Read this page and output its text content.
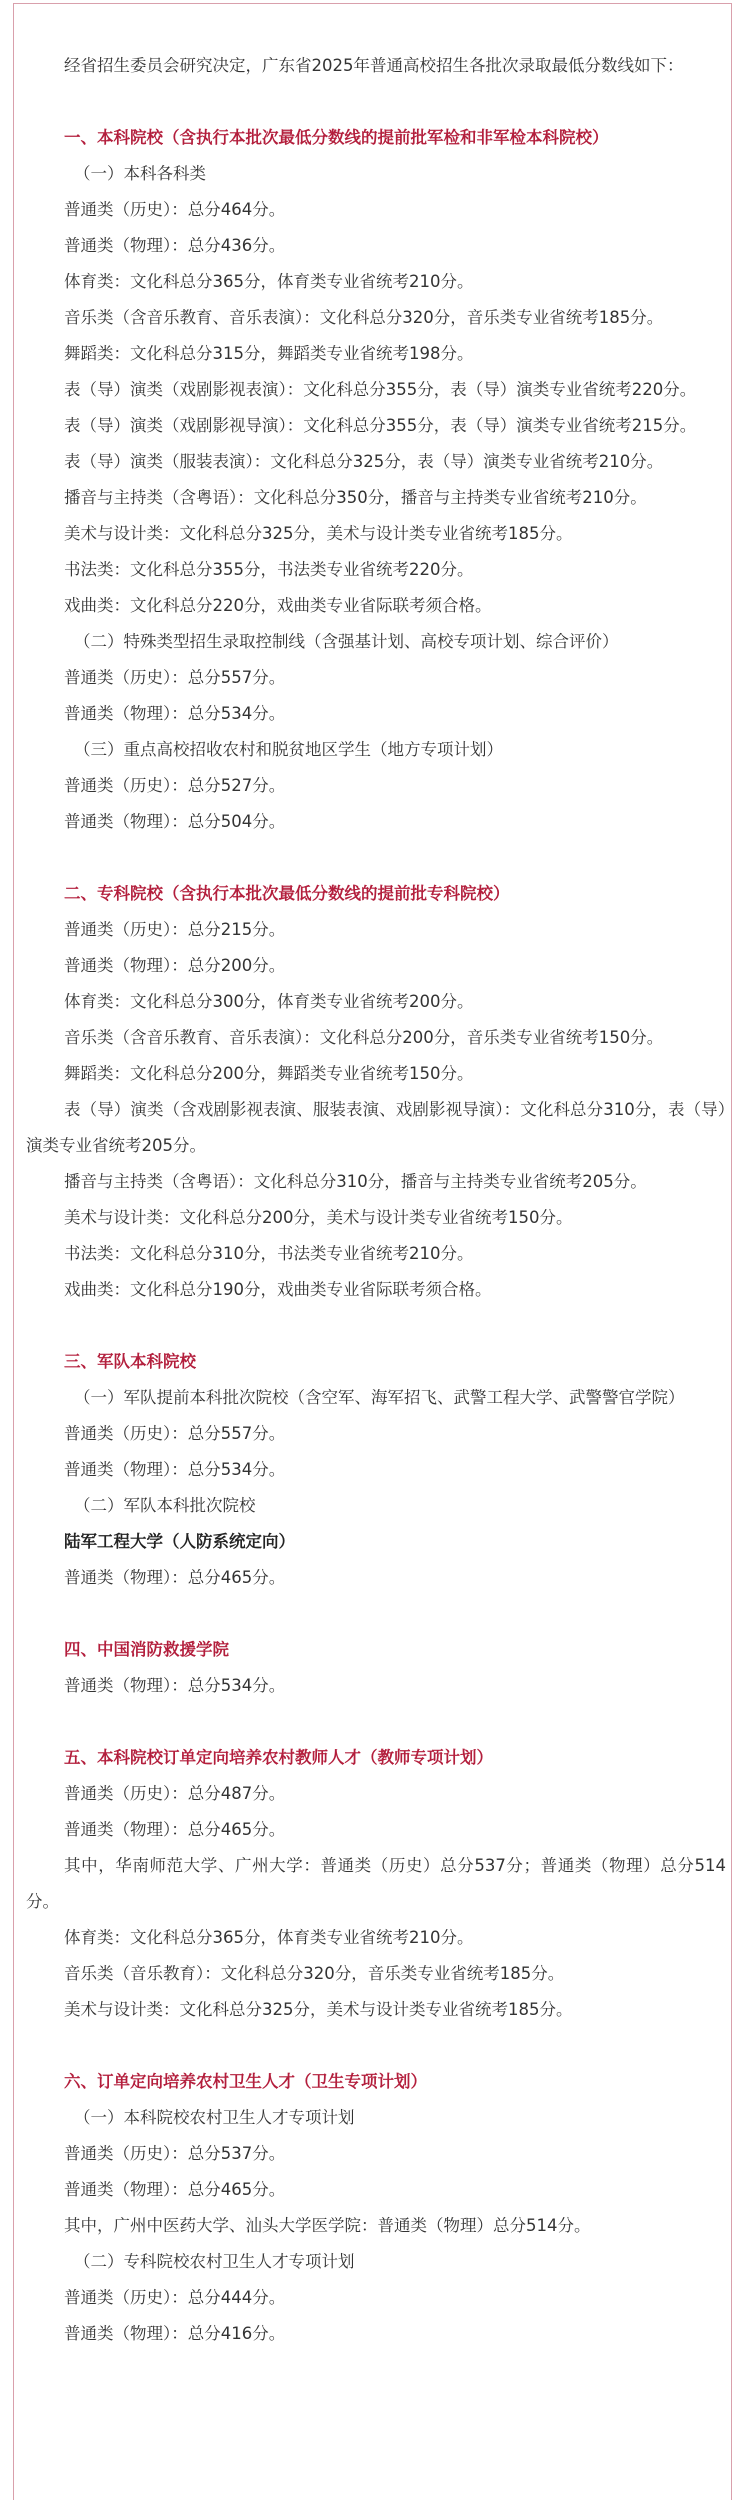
经省招生委员会研究决定，广东省2025年普通高校招生各批次录取最低分数线如下：
一、本科院校（含执行本批次最低分数线的提前批军检和非军检本科院校）
（一）本科各科类
普通类（历史）：总分464分。
普通类（物理）：总分436分。
体育类：文化科总分365分，体育类专业省统考210分。
音乐类（含音乐教育、音乐表演）：文化科总分320分，音乐类专业省统考185分。
舞蹈类：文化科总分315分，舞蹈类专业省统考198分。
表（导）演类（戏剧影视表演）：文化科总分355分，表（导）演类专业省统考220分。
表（导）演类（戏剧影视导演）：文化科总分355分，表（导）演类专业省统考215分。
表（导）演类（服装表演）：文化科总分325分，表（导）演类专业省统考210分。
播音与主持类（含粤语）：文化科总分350分，播音与主持类专业省统考210分。
美术与设计类：文化科总分325分，美术与设计类专业省统考185分。
书法类：文化科总分355分，书法类专业省统考220分。
戏曲类：文化科总分220分，戏曲类专业省际联考须合格。
（二）特殊类型招生录取控制线（含强基计划、高校专项计划、综合评价）
普通类（历史）：总分557分。
普通类（物理）：总分534分。
（三）重点高校招收农村和脱贫地区学生（地方专项计划）
普通类（历史）：总分527分。
普通类（物理）：总分504分。
二、专科院校（含执行本批次最低分数线的提前批专科院校）
普通类（历史）：总分215分。
普通类（物理）：总分200分。
体育类：文化科总分300分，体育类专业省统考200分。
音乐类（含音乐教育、音乐表演）：文化科总分200分，音乐类专业省统考150分。
舞蹈类：文化科总分200分，舞蹈类专业省统考150分。
表（导）演类（含戏剧影视表演、服装表演、戏剧影视导演）：文化科总分310分，表（导）演类专业省统考205分。
播音与主持类（含粤语）：文化科总分310分，播音与主持类专业省统考205分。
美术与设计类：文化科总分200分，美术与设计类专业省统考150分。
书法类：文化科总分310分，书法类专业省统考210分。
戏曲类：文化科总分190分，戏曲类专业省际联考须合格。
三、军队本科院校
（一）军队提前本科批次院校（含空军、海军招飞、武警工程大学、武警警官学院）
普通类（历史）：总分557分。
普通类（物理）：总分534分。
（二）军队本科批次院校
陆军工程大学（人防系统定向）
普通类（物理）：总分465分。
四、中国消防救援学院
普通类（物理）：总分534分。
五、本科院校订单定向培养农村教师人才（教师专项计划）
普通类（历史）：总分487分。
普通类（物理）：总分465分。
其中，华南师范大学、广州大学：普通类（历史）总分537分；普通类（物理）总分514分。
体育类：文化科总分365分，体育类专业省统考210分。
音乐类（音乐教育）：文化科总分320分，音乐类专业省统考185分。
美术与设计类：文化科总分325分，美术与设计类专业省统考185分。
六、订单定向培养农村卫生人才（卫生专项计划）
（一）本科院校农村卫生人才专项计划
普通类（历史）：总分537分。
普通类（物理）：总分465分。
其中，广州中医药大学、汕头大学医学院：普通类（物理）总分514分。
（二）专科院校农村卫生人才专项计划
普通类（历史）：总分444分。
普通类（物理）：总分416分。
